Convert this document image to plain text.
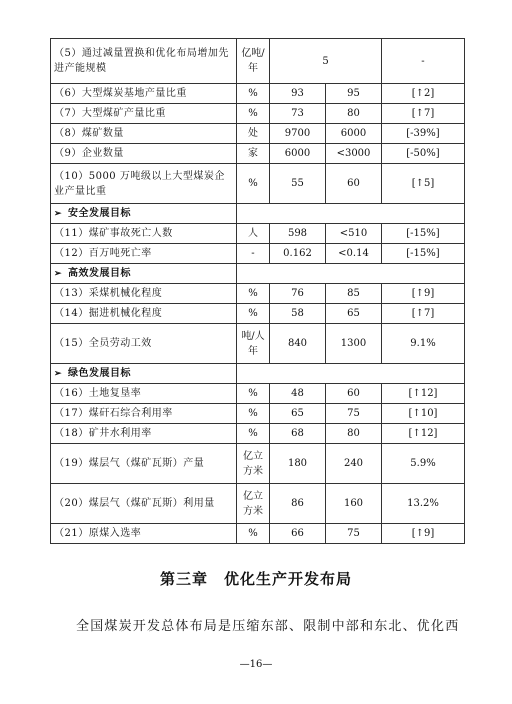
（5）通过减量置换和优化布局增加先进产能规模	亿吨/年	5		-
（6）大型煤炭基地产量比重	%	93	95	[↑2]
（7）大型煤矿产量比重	%	73	80	[↑7]
（8）煤矿数量	处	9700	6000	[-39%]
（9）企业数量	家	6000	<3000	[-50%]
（10）5000 万吨级以上大型煤炭企业产量比重	%	55	60	[↑5]
➢安全发展目标	
（11）煤矿事故死亡人数	人	598	<510	[-15%]
（12）百万吨死亡率	-	0.162	<0.14	[-15%]
➢高效发展目标	
（13）采煤机械化程度	%	76	85	[↑9]
（14）掘进机械化程度	%	58	65	[↑7]
（15）全员劳动工效	吨/人年	840	1300	9.1%
➢绿色发展目标	
（16）土地复垦率	%	48	60	[↑12]
（17）煤矸石综合利用率	%	65	75	[↑10]
（18）矿井水利用率	%	68	80	[↑12]
（19）煤层气（煤矿瓦斯）产量	亿立方米	180	240	5.9%
（20）煤层气（煤矿瓦斯）利用量	亿立方米	86	160	13.2%
（21）原煤入选率	%	66	75	[↑9]
第三章　优化生产开发布局

全国煤炭开发总体布局是压缩东部、限制中部和东北、优化西

—16—
